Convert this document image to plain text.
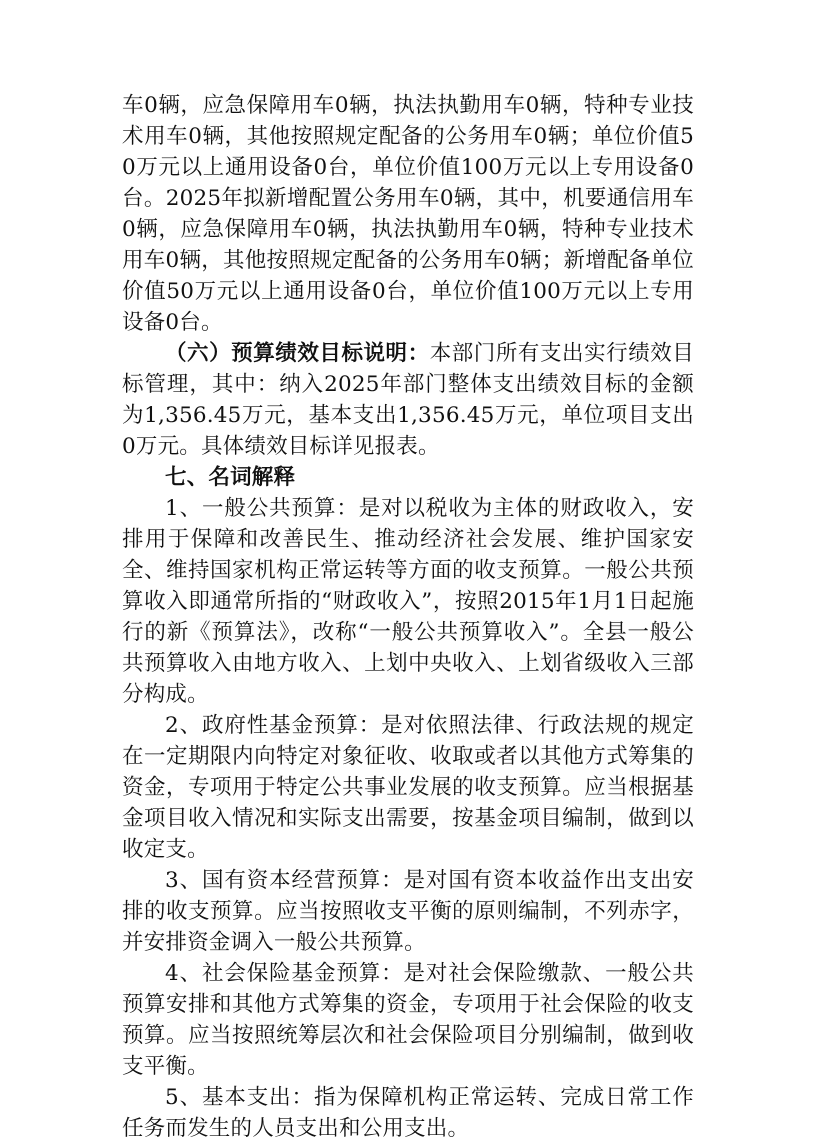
车0辆，应急保障用车0辆，执法执勤用车0辆，特种专业技术用车0辆，其他按照规定配备的公务用车0辆；单位价值50万元以上通用设备0台，单位价值100万元以上专用设备0台。2025年拟新增配置公务用车0辆，其中，机要通信用车0辆，应急保障用车0辆，执法执勤用车0辆，特种专业技术用车0辆，其他按照规定配备的公务用车0辆；新增配备单位价值50万元以上通用设备0台，单位价值100万元以上专用设备0台。

（六）预算绩效目标说明：本部门所有支出实行绩效目标管理，其中：纳入2025年部门整体支出绩效目标的金额为1,356.45万元，基本支出1,356.45万元，单位项目支出0万元。具体绩效目标详见报表。

七、名词解释

1、一般公共预算：是对以税收为主体的财政收入，安排用于保障和改善民生、推动经济社会发展、维护国家安全、维持国家机构正常运转等方面的收支预算。一般公共预算收入即通常所指的“财政收入”，按照2015年1月1日起施行的新《预算法》，改称“一般公共预算收入”。全县一般公共预算收入由地方收入、上划中央收入、上划省级收入三部分构成。

2、政府性基金预算：是对依照法律、行政法规的规定在一定期限内向特定对象征收、收取或者以其他方式筹集的资金，专项用于特定公共事业发展的收支预算。应当根据基金项目收入情况和实际支出需要，按基金项目编制，做到以收定支。

3、国有资本经营预算：是对国有资本收益作出支出安排的收支预算。应当按照收支平衡的原则编制，不列赤字，并安排资金调入一般公共预算。

4、社会保险基金预算：是对社会保险缴款、一般公共预算安排和其他方式筹集的资金，专项用于社会保险的收支预算。应当按照统筹层次和社会保险项目分别编制，做到收支平衡。

5、基本支出：指为保障机构正常运转、完成日常工作任务而发生的人员支出和公用支出。
